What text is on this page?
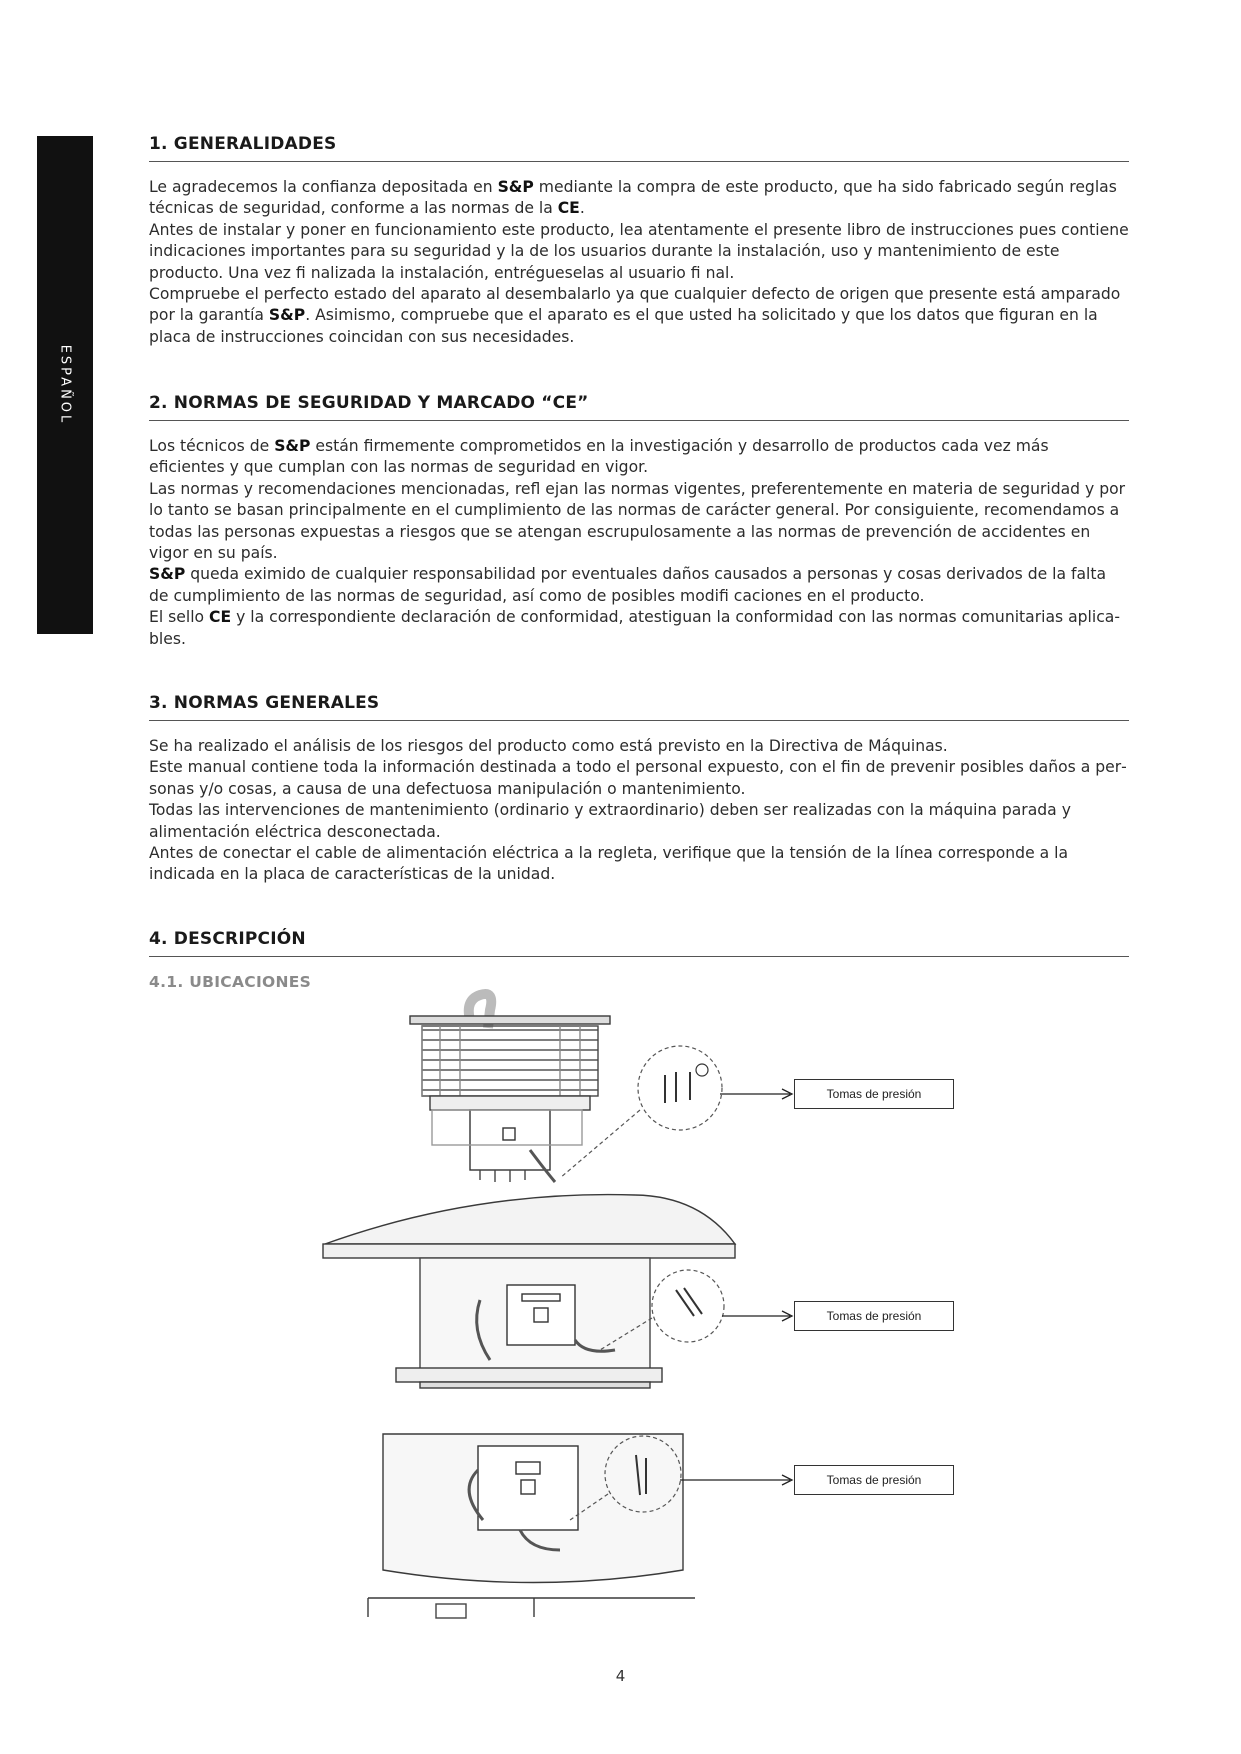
ESPAÑOL
1. GENERALIDADES

Le agradecemos la confianza depositada en S&P mediante la compra de este producto, que ha sido fabricado según reglas técnicas de seguridad, conforme a las normas de la CE.

Antes de instalar y poner en funcionamiento este producto, lea atentamente el presente libro de instrucciones pues contiene indicaciones importantes para su seguridad y la de los usuarios durante la instalación, uso y mantenimiento de este producto. Una vez fi nalizada la instalación, entrégueselas al usuario fi nal.

Compruebe el perfecto estado del aparato al desembalarlo ya que cualquier defecto de origen que presente está amparado por la garantía S&P. Asimismo, compruebe que el aparato es el que usted ha solicitado y que los datos que figuran en la placa de instrucciones coincidan con sus necesidades.

2. NORMAS DE SEGURIDAD Y MARCADO “CE”

Los técnicos de S&P están firmemente comprometidos en la investigación y desarrollo de productos cada vez más eficientes y que cumplan con las normas de seguridad en vigor.

Las normas y recomendaciones mencionadas, refl ejan las normas vigentes, preferentemente en materia de seguridad y por lo tanto se basan principalmente en el cumplimiento de las normas de carácter general. Por consiguiente, recomendamos a todas las personas expuestas a riesgos que se atengan escrupulosamente a las normas de prevención de accidentes en vigor en su país.

S&P queda eximido de cualquier responsabilidad por eventuales daños causados a personas y cosas derivados de la falta de cumplimiento de las normas de seguridad, así como de posibles modifi caciones en el producto.

El sello CE y la correspondiente declaración de conformidad, atestiguan la conformidad con las normas comunitarias aplicables.

3. NORMAS GENERALES

Se ha realizado el análisis de los riesgos del producto como está previsto en la Directiva de Máquinas.

Este manual contiene toda la información destinada a todo el personal expuesto, con el fin de prevenir posibles daños a personas y/o cosas, a causa de una defectuosa manipulación o mantenimiento.

Todas las intervenciones de mantenimiento (ordinario y extraordinario) deben ser realizadas con la máquina parada y alimentación eléctrica desconectada.

Antes de conectar el cable de alimentación eléctrica a la regleta, verifique que la tensión de la línea corresponde a la indicada en la placa de características de la unidad.

4. DESCRIPCIÓN
4.1. UBICACIONES
Tomas de presión
Tomas de presión
Tomas de presión
4
